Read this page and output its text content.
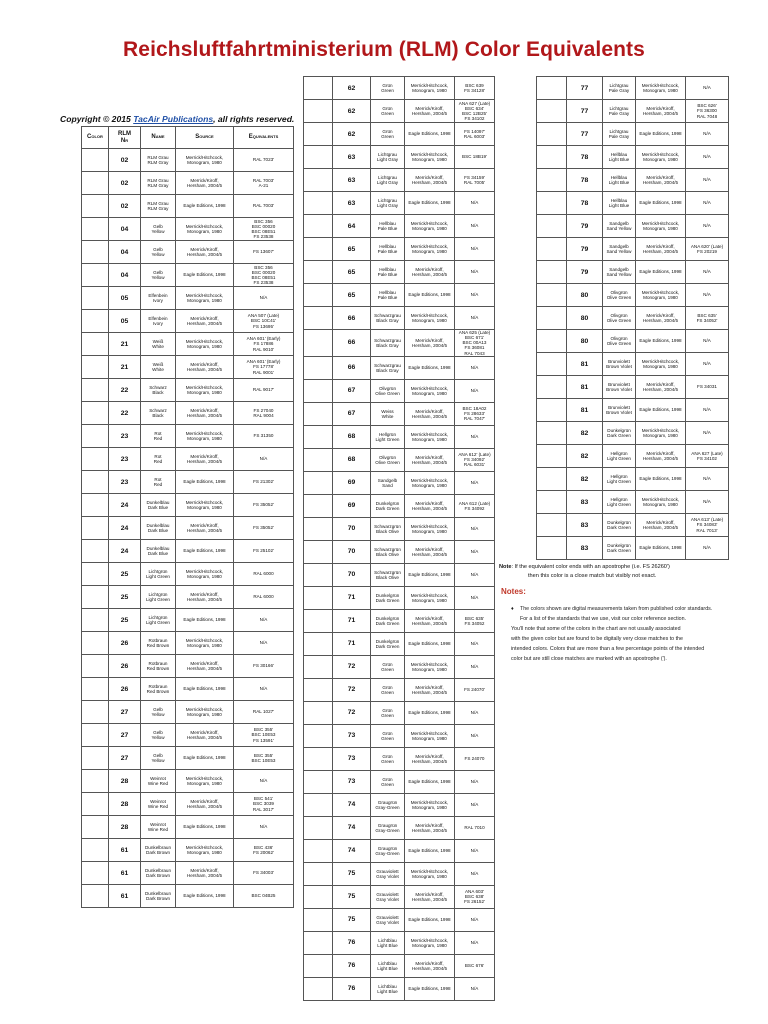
Reichsluftfahrtministerium (RLM) Color Equivalents
Copyright © 2015 TacAir Publications, all rights reserved.
Color	RLM
Nr	Name	Source	Equivalents
	02	RLM Grau
RLM Gray	Merrick/Hitchcock,
Monogram, 1980	RAL 7023'
	02	RLM Grau
RLM Gray	Merrick/Kiroff,
Hersham, 2004/5	RAL 7003'
A-21
	02	RLM Grau
RLM Gray	Eagle Editions, 1998	RAL 7003'
	04	Gelb
Yellow	Merrick/Hitchcock,
Monogram, 1980	BSC 356
BSC 00020
BSC 08E51
FS 23538
	04	Gelb
Yellow	Merrick/Kiroff,
Hersham, 2004/5	FS 13607'
	04	Gelb
Yellow	Eagle Editions, 1998	BSC 356
BSC 00020
BSC 08E51
FS 23538
	05	Elfenbein
Ivory	Merrick/Hitchcock,
Monogram, 1980	N/A
	05	Elfenbein
Ivory	Merrick/Kiroff,
Hersham, 2004/5	ANA 507 (Late)
BSC 10C41'
FS 13695'
	21	Weiß
White	Merrick/Hitchcock,
Monogram, 1980	ANA 601' (Early)
FS 17886
RAL 9010'
	21	Weiß
White	Merrick/Kiroff,
Hersham, 2004/5	ANA 601' (Early)
FS 17778'
RAL 9001'
	22	Schwarz
Black	Merrick/Hitchcock,
Monogram, 1980	RAL 9017'
	22	Schwarz
Black	Merrick/Kiroff,
Hersham, 2004/5	FS 27040
RAL 9004
	23	Rot
Red	Merrick/Hitchcock,
Monogram, 1980	FS 31350
	23	Rot
Red	Merrick/Kiroff,
Hersham, 2004/5	N/A
	23	Rot
Red	Eagle Editions, 1998	FS 21302'
	24	Dunkelblau
Dark Blue	Merrick/Hitchcock,
Monogram, 1980	FS 35052'
	24	Dunkelblau
Dark Blue	Merrick/Kiroff,
Hersham, 2004/5	FS 35052'
	24	Dunkelblau
Dark Blue	Eagle Editions, 1998	FS 25102'
	25	Lichtgrün
Light Green	Merrick/Hitchcock,
Monogram, 1980	RAL 6000
	25	Lichtgrün
Light Green	Merrick/Kiroff,
Hersham, 2004/5	RAL 6000
	25	Lichtgrün
Light Green	Eagle Editions, 1998	N/A
	26	Rotbraun
Red Brown	Merrick/Hitchcock,
Monogram, 1980	N/A
	26	Rotbraun
Red Brown	Merrick/Kiroff,
Hersham, 2004/5	FS 30166'
	26	Rotbraun
Red Brown	Eagle Editions, 1998	N/A
	27	Gelb
Yellow	Merrick/Hitchcock,
Monogram, 1980	RAL 1027'
	27	Gelb
Yellow	Merrick/Kiroff,
Hersham, 2004/5	BSC 355'
BSC 10E53
FS 13591'
	27	Gelb
Yellow	Eagle Editions, 1998	BSC 355'
BSC 10E53
	28	Weinrot
Wine Red	Merrick/Hitchcock,
Monogram, 1980	N/A
	28	Weinrot
Wine Red	Merrick/Kiroff,
Hersham, 2004/5	BSC 541'
BSC 3039
RAL 3017'
	28	Weinrot
Wine Red	Eagle Editions, 1998	N/A
	61	Dunkelbraun
Dark Brown	Merrick/Hitchcock,
Monogram, 1980	BSC 436'
FS 20062'
	61	Dunkelbraun
Dark Brown	Merrick/Kiroff,
Hersham, 2004/5	FS 34003'
	61	Dunkelbraun
Dark Brown	Eagle Editions, 1998	BSC 04B25
	62	Grün
Green	Merrick/Hitchcock,
Monogram, 1980	BSC 639
FS 34128'
	62	Grün
Green	Merrick/Kiroff,
Hersham, 2004/5	ANA 627 (Late)
BSC 634'
BSC 12B25'
FS 34102
	62	Grün
Green	Eagle Editions, 1998	FS 14097'
RAL 6003'
	63	Lichtgrau
Light Gray	Merrick/Hitchcock,
Monogram, 1980	BSC 18B19'
	63	Lichtgrau
Light Gray	Merrick/Kiroff,
Hersham, 2004/5	FS 34159'
RAL 7005'
	63	Lichtgrau
Light Gray	Eagle Editions, 1998	N/A
	64	Hellblau
Pale Blue	Merrick/Hitchcock,
Monogram, 1980	N/A
	65	Hellblau
Pale Blue	Merrick/Hitchcock,
Monogram, 1980	N/A
	65	Hellblau
Pale Blue	Merrick/Kiroff,
Hersham, 2004/5	N/A
	65	Hellblau
Pale Blue	Eagle Editions, 1998	N/A
	66	Schwarzgrau
Black Gray	Merrick/Hitchcock,
Monogram, 1980	N/A
	66	Schwarzgrau
Black Gray	Merrick/Kiroff,
Hersham, 2004/5	ANA 625 (Late)
BSC 671'
BSC 00A13
FS 36081
RAL 7043
	66	Schwarzgrau
Black Gray	Eagle Editions, 1998	N/A
	67	Olivgrün
Olive Green	Merrick/Hitchcock,
Monogram, 1980	N/A
	67	Weiss
White	Merrick/Kiroff,
Hersham, 2004/5	BSC 18A02
FS 28633'
RAL 7047'
	68	Hellgrün
Light Green	Merrick/Hitchcock,
Monogram, 1980	N/A
	68	Olivgrün
Olive Green	Merrick/Kiroff,
Hersham, 2004/5	ANA 612' (Late)
FS 34092'
RAL 6031'
	69	Sandgelb
Sand	Merrick/Hitchcock,
Monogram, 1980	N/A
	69	Dunkelgrün
Dark Green	Merrick/Kiroff,
Hersham, 2004/5	ANA 612 (Late)
FS 34092
	70	Schwarzgrün
Black Olive	Merrick/Hitchcock,
Monogram, 1980	N/A
	70	Schwarzgrün
Black Olive	Merrick/Kiroff,
Hersham, 2004/5	N/A
	70	Schwarzgrün
Black Olive	Eagle Editions, 1998	N/A
	71	Dunkelgrün
Dark Green	Merrick/Hitchcock,
Monogram, 1980	N/A
	71	Dunkelgrün
Dark Green	Merrick/Kiroff,
Hersham, 2004/5	BSC 635'
FS 34052
	71	Dunkelgrün
Dark Green	Eagle Editions, 1998	N/A
	72	Grün
Green	Merrick/Hitchcock,
Monogram, 1980	N/A
	72	Grün
Green	Merrick/Kiroff,
Hersham, 2004/5	FS 24070'
	72	Grün
Green	Eagle Editions, 1998	N/A
	73	Grün
Green	Merrick/Hitchcock,
Monogram, 1980	N/A
	73	Grün
Green	Merrick/Kiroff,
Hersham, 2004/5	FS 24070
	73	Grün
Green	Eagle Editions, 1998	N/A
	74	Graugrün
Gray-Green	Merrick/Hitchcock,
Monogram, 1980	N/A
	74	Graugrün
Gray-Green	Merrick/Kiroff,
Hersham, 2004/5	RAL 7010
	74	Graugrün
Gray-Green	Eagle Editions, 1998	N/A
	75	Grauviolett
Gray Violet	Merrick/Hitchcock,
Monogram, 1980	N/A
	75	Grauviolett
Gray Violet	Merrick/Kiroff,
Hersham, 2004/5	ANA 603'
BSC 638'
FS 26152'
	75	Grauviolett
Gray Violet	Eagle Editions, 1998	N/A
	76	Lichtblau
Light Blue	Merrick/Hitchcock,
Monogram, 1980	N/A
	76	Lichtblau
Light Blue	Merrick/Kiroff,
Hersham, 2004/5	BSC 676'
	76	Lichtblau
Light Blue	Eagle Editions, 1998	N/A
	77	Lichtgrau
Pale Gray	Merrick/Hitchcock,
Monogram, 1980	N/A
	77	Lichtgrau
Pale Gray	Merrick/Kiroff,
Hersham, 2004/5	BSC 626'
FS 36300
RAL 7048
	77	Lichtgrau
Pale Gray	Eagle Editions, 1998	N/A
	78	Hellblau
Light Blue	Merrick/Hitchcock,
Monogram, 1980	N/A
	78	Hellblau
Light Blue	Merrick/Kiroff,
Hersham, 2004/5	N/A
	78	Hellblau
Light Blue	Eagle Editions, 1998	N/A
	79	Sandgelb
Sand Yellow	Merrick/Hitchcock,
Monogram, 1980	N/A
	79	Sandgelb
Sand Yellow	Merrick/Kiroff,
Hersham, 2004/5	ANA 620' (Late)
FS 20219
	79	Sandgelb
Sand Yellow	Eagle Editions, 1998	N/A
	80	Olivgrün
Olive Green	Merrick/Hitchcock,
Monogram, 1980	N/A
	80	Olivgrün
Olive Green	Merrick/Kiroff,
Hersham, 2004/5	BSC 635'
FS 34052'
	80	Olivgrün
Olive Green	Eagle Editions, 1998	N/A
	81	Brunviolett
Brown Violet	Merrick/Hitchcock,
Monogram, 1980	N/A
	81	Brunviolett
Brown Violet	Merrick/Kiroff,
Hersham, 2004/5	FS 34031
	81	Brunviolett
Brown Violet	Eagle Editions, 1998	N/A
	82	Dunkelgrün
Dark Green	Merrick/Hitchcock,
Monogram, 1980	N/A
	82	Hellgrün
Light Green	Merrick/Kiroff,
Hersham, 2004/5	ANA 627 (Late)
FS 34102
	82	Hellgrün
Light Green	Eagle Editions, 1998	N/A
	83	Hellgrün
Light Green	Merrick/Hitchcock,
Monogram, 1980	N/A
	83	Dunkelgrün
Dark Green	Merrick/Kiroff,
Hersham, 2004/5	ANA 613' (Late)
FS 34083'
RAL 7013'
	83	Dunkelgrün
Dark Green	Eagle Editions, 1998	N/A
Note: If the equivalent color ends with an apostrophe (i.e. FS 26260')
then this color is a close match but visibly not exact.
Notes:
♦ The colors shown are digital measurements taken from published color standards.
For a list of the standards that we use, visit our color reference section.
You'll note that some of the colors in the chart are not usually associated
with the given color but are found to be digitally very close matches to the
intended colors. Colors that are more than a few percentage points of the intended
color but are still close matches are marked with an apostrophe (').
